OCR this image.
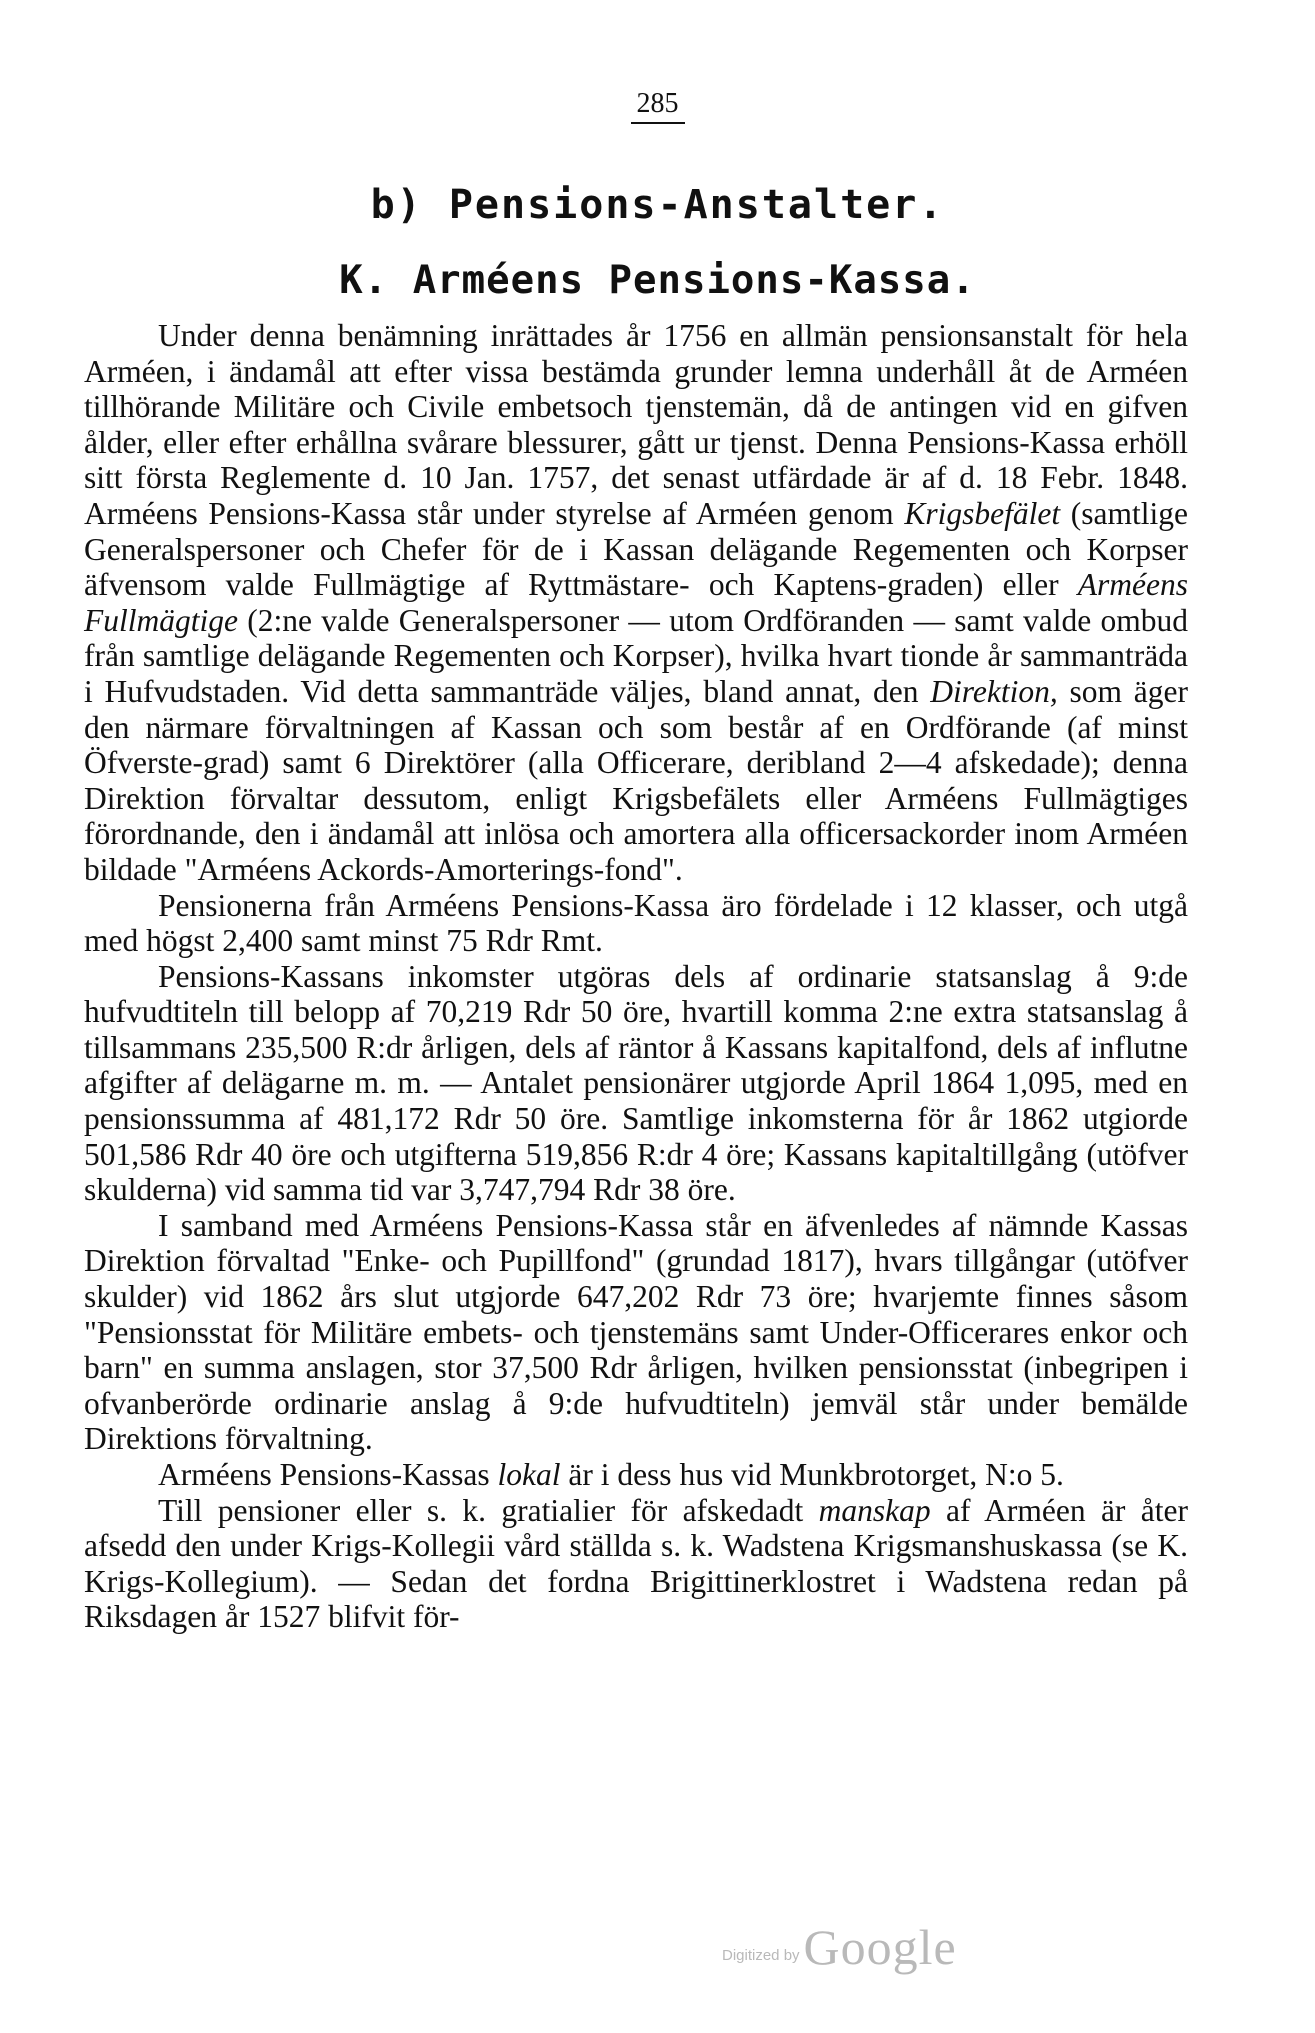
285
b) Pensions-Anstalter.
K. Arméens Pensions-Kassa.

Under denna benämning inrättades år 1756 en allmän pensionsanstalt för hela Arméen, i ändamål att efter vissa bestämda grunder lemna underhåll åt de Arméen tillhörande Militäre och Civile embetsoch tjenstemän, då de antingen vid en gifven ålder, eller efter erhållna svårare blessurer, gått ur tjenst. Denna Pensions-Kassa erhöll sitt första Reglemente d. 10 Jan. 1757, det senast utfärdade är af d. 18 Febr. 1848. Arméens Pensions-Kassa står under styrelse af Arméen genom Krigsbefälet (samtlige Generalspersoner och Chefer för de i Kassan delägande Regementen och Korpser äfvensom valde Fullmägtige af Ryttmästare- och Kaptens-graden) eller Arméens Fullmägtige (2:ne valde Generalspersoner — utom Ordföranden — samt valde ombud från samtlige delägande Regementen och Korpser), hvilka hvart tionde år sammanträda i Hufvudstaden. Vid detta sammanträde väljes, bland annat, den Direktion, som äger den närmare förvaltningen af Kassan och som består af en Ordförande (af minst Öfverste-grad) samt 6 Direktörer (alla Officerare, deribland 2—4 afskedade); denna Direktion förvaltar dessutom, enligt Krigsbefälets eller Arméens Fullmägtiges förordnande, den i ändamål att inlösa och amortera alla officersackorder inom Arméen bildade "Arméens Ackords-Amorterings-fond".

Pensionerna från Arméens Pensions-Kassa äro fördelade i 12 klasser, och utgå med högst 2,400 samt minst 75 Rdr Rmt.

Pensions-Kassans inkomster utgöras dels af ordinarie statsanslag å 9:de hufvudtiteln till belopp af 70,219 Rdr 50 öre, hvartill komma 2:ne extra statsanslag å tillsammans 235,500 R:dr årligen, dels af räntor å Kassans kapitalfond, dels af influtne afgifter af delägarne m. m. — Antalet pensionärer utgjorde April 1864 1,095, med en pensionssumma af 481,172 Rdr 50 öre. Samtlige inkomsterna för år 1862 utgiorde 501,586 Rdr 40 öre och utgifterna 519,856 R:dr 4 öre; Kassans kapitaltillgång (utöfver skulderna) vid samma tid var 3,747,794 Rdr 38 öre.

I samband med Arméens Pensions-Kassa står en äfvenledes af nämnde Kassas Direktion förvaltad "Enke- och Pupillfond" (grundad 1817), hvars tillgångar (utöfver skulder) vid 1862 års slut utgjorde 647,202 Rdr 73 öre; hvarjemte finnes såsom "Pensionsstat för Militäre embets- och tjenstemäns samt Under-Officerares enkor och barn" en summa anslagen, stor 37,500 Rdr årligen, hvilken pensionsstat (inbegripen i ofvanberörde ordinarie anslag å 9:de hufvudtiteln) jemväl står under bemälde Direktions förvaltning.

Arméens Pensions-Kassas lokal är i dess hus vid Munkbrotorget, N:o 5.

Till pensioner eller s. k. gratialier för afskedadt manskap af Arméen är åter afsedd den under Krigs-Kollegii vård ställda s. k. Wadstena Krigsmanshuskassa (se K. Krigs-Kollegium). — Sedan det fordna Brigittinerklostret i Wadstena redan på Riksdagen år 1527 blifvit för-

Digitized byGoogle
